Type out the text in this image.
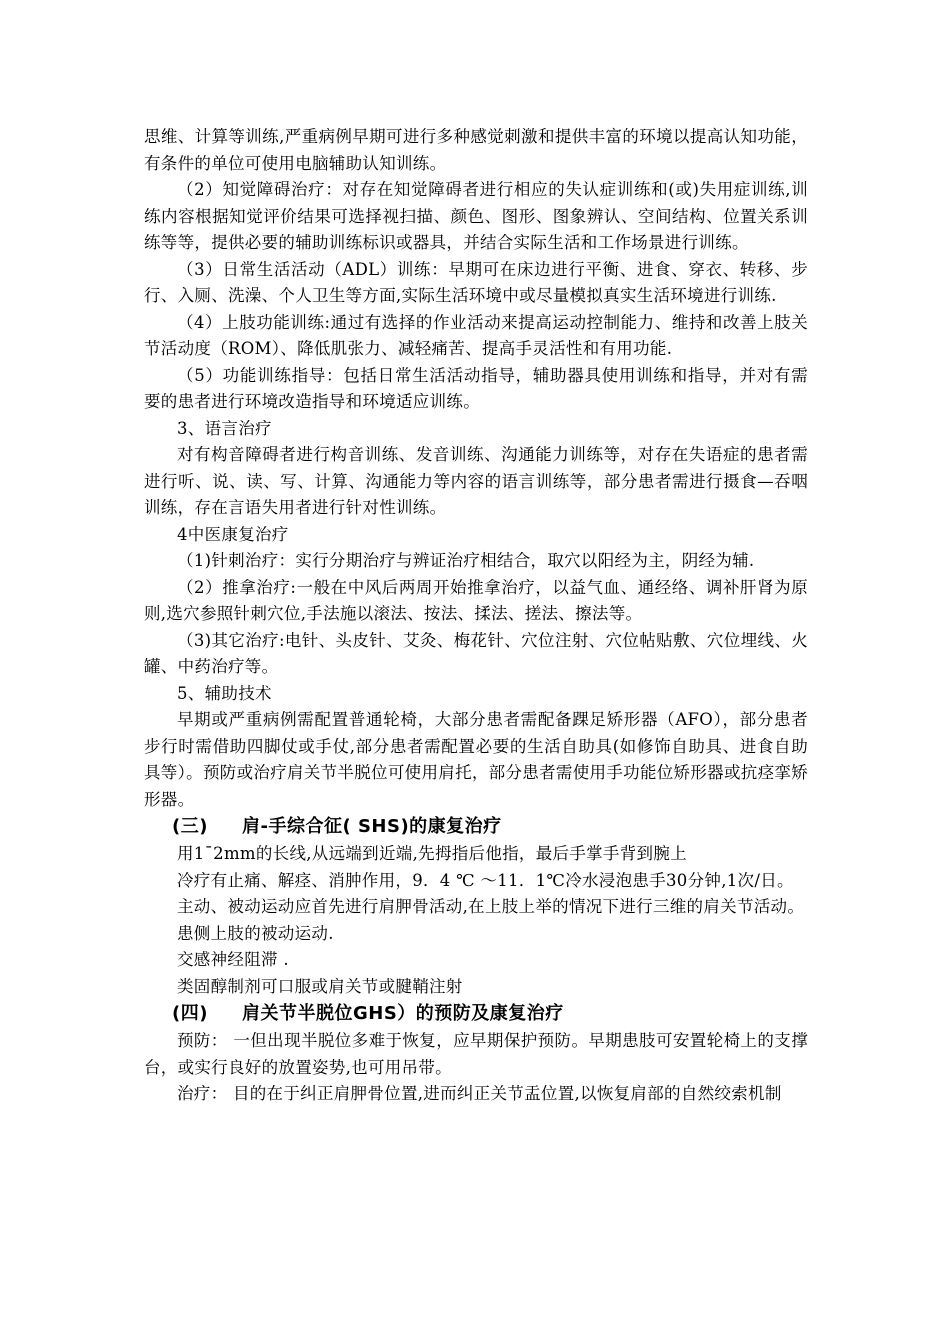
思维、计算等训练,严重病例早期可进行多种感觉刺激和提供丰富的环境以提高认知功能，有条件的单位可使用电脑辅助认知训练。

（2）知觉障碍治疗：对存在知觉障碍者进行相应的失认症训练和(或)失用症训练,训练内容根据知觉评价结果可选择视扫描、颜色、图形、图象辨认、空间结构、位置关系训练等等，提供必要的辅助训练标识或器具，并结合实际生活和工作场景进行训练。

（3）日常生活活动（ADL）训练：早期可在床边进行平衡、进食、穿衣、转移、步行、入厕、洗澡、个人卫生等方面,实际生活环境中或尽量模拟真实生活环境进行训练.

（4）上肢功能训练:通过有选择的作业活动来提高运动控制能力、维持和改善上肢关节活动度（ROM）、降低肌张力、减轻痛苦、提高手灵活性和有用功能.

（5）功能训练指导：包括日常生活活动指导，辅助器具使用训练和指导，并对有需要的患者进行环境改造指导和环境适应训练。

3、语言治疗

对有构音障碍者进行构音训练、发音训练、沟通能力训练等，对存在失语症的患者需进行听、说、读、写、计算、沟通能力等内容的语言训练等，部分患者需进行摄食—吞咽训练，存在言语失用者进行针对性训练。

4中医康复治疗

（1)针刺治疗：实行分期治疗与辨证治疗相结合，取穴以阳经为主，阴经为辅.

（2）推拿治疗:一般在中风后两周开始推拿治疗，以益气血、通经络、调补肝肾为原则,选穴参照针刺穴位,手法施以滚法、按法、揉法、搓法、擦法等。

（3)其它治疗:电针、头皮针、艾灸、梅花针、穴位注射、穴位帖贴敷、穴位埋线、火罐、中药治疗等。

5、辅助技术

早期或严重病例需配置普通轮椅，大部分患者需配备踝足矫形器（AFO），部分患者步行时需借助四脚仗或手仗,部分患者需配置必要的生活自助具(如修饰自助具、进食自助具等）。预防或治疗肩关节半脱位可使用肩托，部分患者需使用手功能位矫形器或抗痉挛矫形器。

(三) 肩-手综合征( SHS)的康复治疗

用1¯2mm的长线,从远端到近端,先拇指后他指，最后手掌手背到腕上

冷疗有止痛、解痉、消肿作用，9．4 ℃ ～11．1℃冷水浸泡患手30分钟,1次/日。

主动、被动运动应首先进行肩胛骨活动,在上肢上举的情况下进行三维的肩关节活动。

患侧上肢的被动运动.

交感神经阻滞 .

类固醇制剂可口服或肩关节或腱鞘注射

(四) 肩关节半脱位GHS）的预防及康复治疗

预防： 一但出现半脱位多难于恢复，应早期保护预防。早期患肢可安置轮椅上的支撑台，或实行良好的放置姿势,也可用吊带。

治疗： 目的在于纠正肩胛骨位置,进而纠正关节盂位置,以恢复肩部的自然绞索机制
